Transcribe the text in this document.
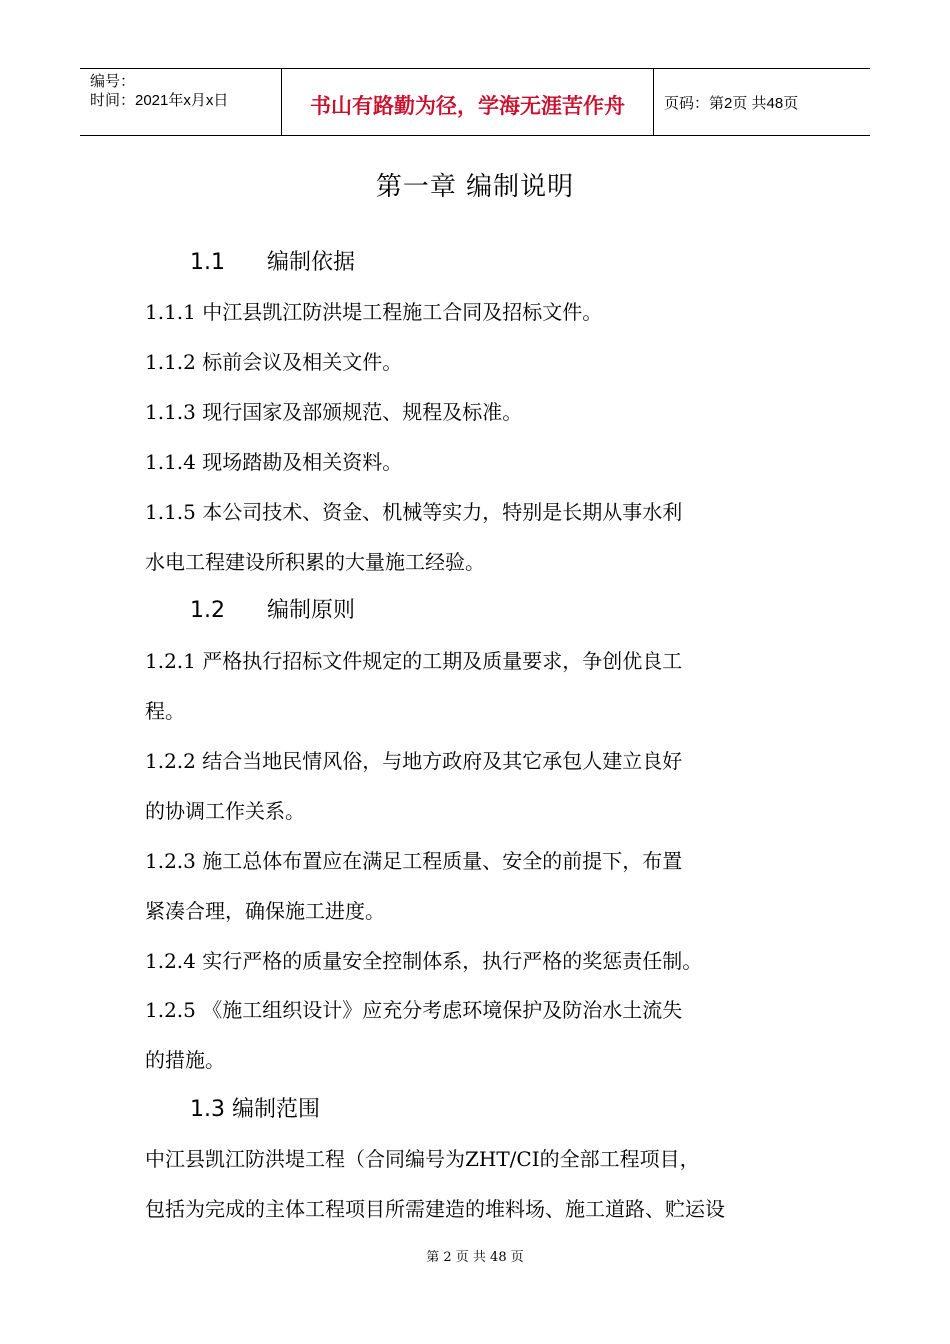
编号：
时间：2021年x月x日	书山有路勤为径，学海无涯苦作舟	页码：第2页 共48页
第一章 编制说明
1.1      编制依据
1.2      编制原则
1.3 编制范围
1.1.1 中江县凯江防洪堤工程施工合同及招标文件。
1.1.2 标前会议及相关文件。
1.1.3 现行国家及部颁规范、规程及标准。
1.1.4 现场踏勘及相关资料。
1.1.5 本公司技术、资金、机械等实力，特别是长期从事水利
水电工程建设所积累的大量施工经验。
1.2.1 严格执行招标文件规定的工期及质量要求，争创优良工
程。
1.2.2 结合当地民情风俗，与地方政府及其它承包人建立良好
的协调工作关系。
1.2.3 施工总体布置应在满足工程质量、安全的前提下，布置
紧凑合理，确保施工进度。
1.2.4 实行严格的质量安全控制体系，执行严格的奖惩责任制。
1.2.5 《施工组织设计》应充分考虑环境保护及防治水土流失
的措施。
中江县凯江防洪堤工程（合同编号为ZHT/CⅠ的全部工程项目，
包括为完成的主体工程项目所需建造的堆料场、施工道路、贮运设
第 2 页 共 48 页
